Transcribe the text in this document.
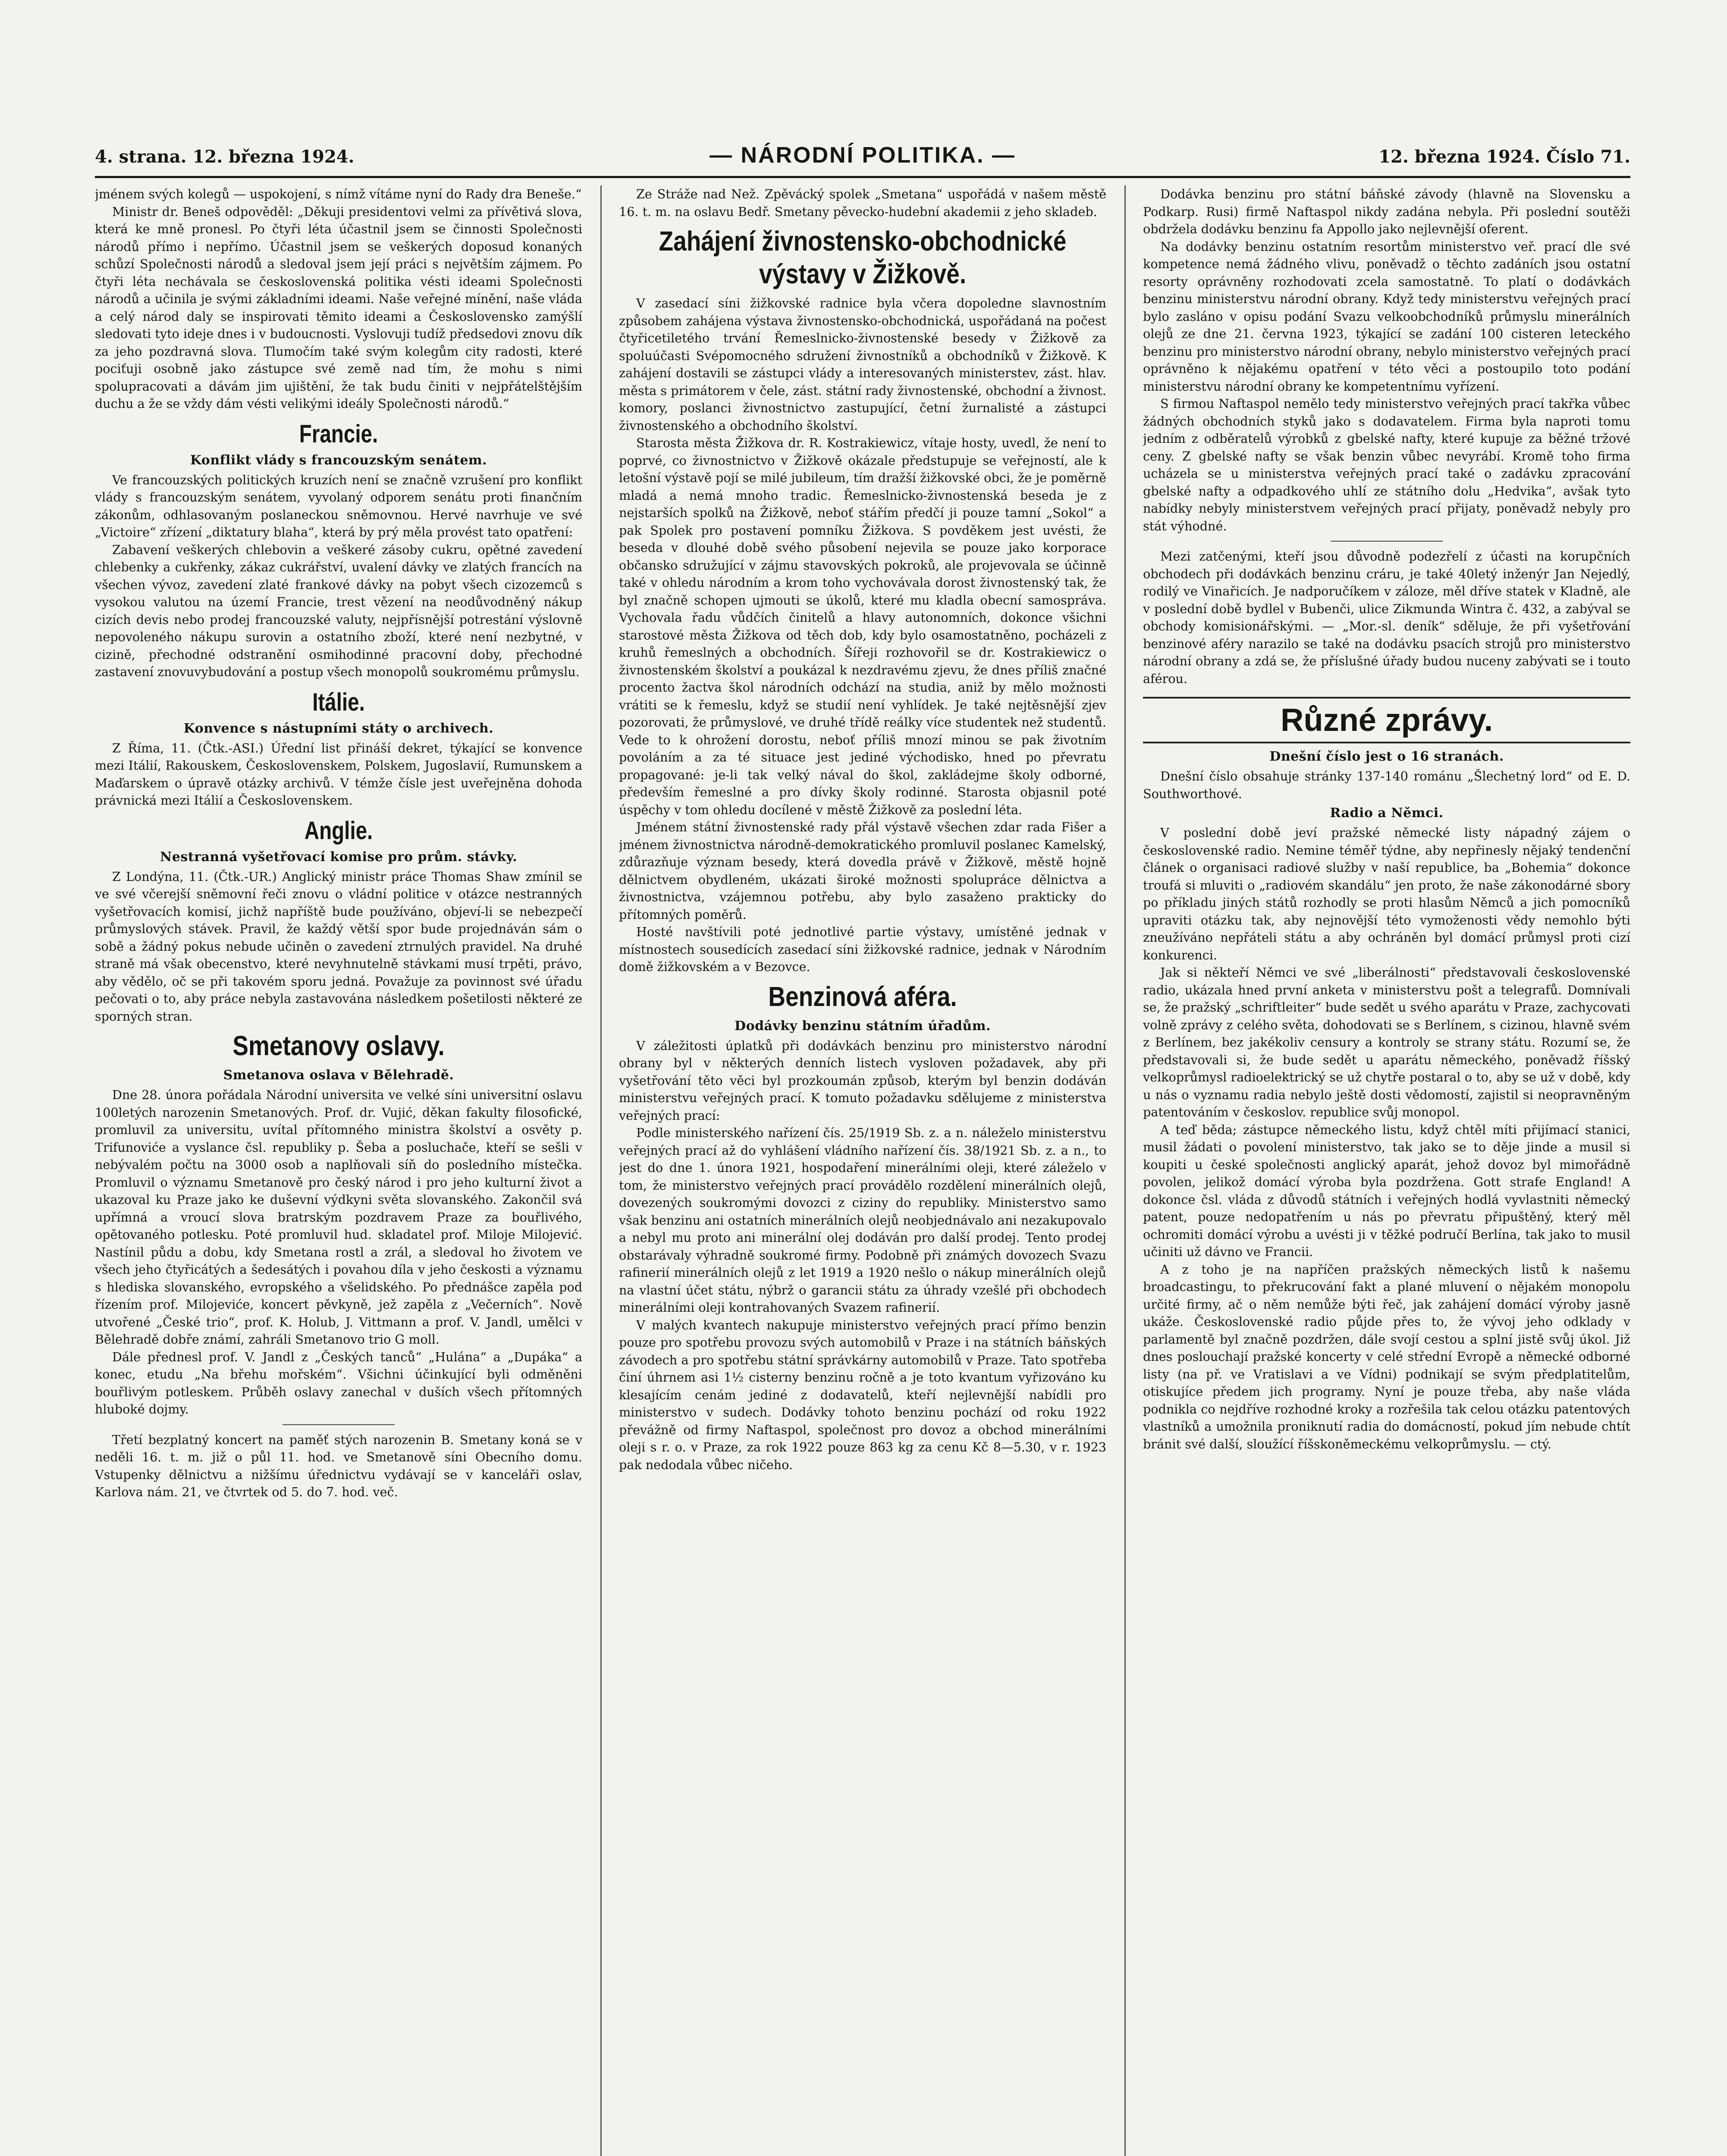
4. strana. 12. března 1924.	— NÁRODNÍ POLITIKA. —	12. března 1924. Číslo 71.

jménem svých kolegů — uspokojení, s nímž vítáme nyní do Rady dra Beneše.“

Ministr dr. Beneš odpověděl: „Děkuji presidentovi velmi za přívětivá slova, která ke mně pronesl. Po čtyři léta účastnil jsem se činnosti Společnosti národů přímo i nepřímo. Účastnil jsem se veškerých doposud konaných schůzí Společnosti národů a sledoval jsem její práci s největším zájmem. Po čtyři léta nechávala se československá politika vésti ideami Společnosti národů a učinila je svými základními ideami. Naše veřejné mínění, naše vláda a celý národ daly se inspirovati těmito ideami a Československo zamýšlí sledovati tyto ideje dnes i v budoucnosti. Vyslovuji tudíž předsedovi znovu dík za jeho pozdravná slova. Tlumočím také svým kolegům city radosti, které pociťuji osobně jako zástupce své země nad tím, že mohu s nimi spolupracovati a dávám jim ujištění, že tak budu činiti v nejpřátelštějším duchu a že se vždy dám vésti velikými ideály Společnosti národů.“

Francie.
Konflikt vlády s francouzským senátem.

Ve francouzských politických kruzích není se značně vzrušení pro konflikt vlády s francouzským senátem, vyvolaný odporem senátu proti finančním zákonům, odhlasovaným poslaneckou sněmovnou. Hervé navrhuje ve své „Victoire“ zřízení „diktatury blaha“, která by prý měla provést tato opatření:

Zabavení veškerých chlebovin a veškeré zásoby cukru, opětné zavedení chlebenky a cukřenky, zákaz cukrářství, uvalení dávky ve zlatých francích na všechen vývoz, zavedení zlaté frankové dávky na pobyt všech cizozemců s vysokou valutou na území Francie, trest vězení na neodůvodněný nákup cizích devis nebo prodej francouzské valuty, nejpřísnější potrestání výslovně nepovoleného nákupu surovin a ostatního zboží, které není nezbytné, v cizině, přechodné odstranění osmihodinné pracovní doby, přechodné zastavení znovuvybudování a postup všech monopolů soukromému průmyslu.

Itálie.
Konvence s nástupními státy o archivech.

Z Říma, 11. (Čtk.-ASI.) Úřední list přináší dekret, týkající se konvence mezi Itálií, Rakouskem, Československem, Polskem, Jugoslavií, Rumunskem a Maďarskem o úpravě otázky archivů. V témže čísle jest uveřejněna dohoda právnická mezi Itálií a Československem.

Anglie.
Nestranná vyšetřovací komise pro prům. stávky.

Z Londýna, 11. (Čtk.-UR.) Anglický ministr práce Thomas Shaw zmínil se ve své včerejší sněmovní řeči znovu o vládní politice v otázce nestranných vyšetřovacích komisí, jichž napříště bude používáno, objeví-li se nebezpečí průmyslových stávek. Pravil, že každý větší spor bude projednáván sám o sobě a žádný pokus nebude učiněn o zavedení ztrnulých pravidel. Na druhé straně má však obecenstvo, které nevyhnutelně stávkami musí trpěti, právo, aby vědělo, oč se při takovém sporu jedná. Považuje za povinnost své úřadu pečovati o to, aby práce nebyla zastavována následkem pošetilosti některé ze sporných stran.

Smetanovy oslavy.
Smetanova oslava v Bělehradě.

Dne 28. února pořádala Národní universita ve velké síni universitní oslavu 100letých narozenin Smetanových. Prof. dr. Vujić, děkan fakulty filosofické, promluvil za universitu, uvítal přítomného ministra školství a osvěty p. Trifunoviće a vyslance čsl. republiky p. Šeba a posluchače, kteří se sešli v nebývalém počtu na 3000 osob a naplňovali síň do posledního místečka. Promluvil o významu Smetanově pro český národ i pro jeho kulturní život a ukazoval ku Praze jako ke duševní výdkyni světa slovanského. Zakončil svá upřímná a vroucí slova bratrským pozdravem Praze za bouřlivého, opětovaného potlesku. Poté promluvil hud. skladatel prof. Miloje Milojević. Nastínil půdu a dobu, kdy Smetana rostl a zrál, a sledoval ho životem ve všech jeho čtyřicátých a šedesátých i povahou díla v jeho českosti a významu s hlediska slovanského, evropského a všelidského. Po přednášce zapěla pod řízením prof. Milojeviće, koncert pěvkyně, jež zapěla z „Večerních“. Nově utvořené „České trio“, prof. K. Holub, J. Vittmann a prof. V. Jandl, umělci v Bělehradě dobře známí, zahráli Smetanovo trio G moll.

Dále přednesl prof. V. Jandl z „Českých tanců“ „Hulána“ a „Dupáka“ a konec, etudu „Na břehu mořském“. Všichni účinkující byli odměněni bouřlivým potleskem. Průběh oslavy zanechal v duších všech přítomných hluboké dojmy.

Třetí bezplatný koncert na paměť stých narozenin B. Smetany koná se v neděli 16. t. m. již o půl 11. hod. ve Smetanově síni Obecního domu. Vstupenky dělnictvu a nižšímu úřednictvu vydávají se v kanceláři oslav, Karlova nám. 21, ve čtvrtek od 5. do 7. hod. več.

Ze Stráže nad Než. Zpěvácký spolek „Smetana“ uspořádá v našem městě 16. t. m. na oslavu Bedř. Smetany pěvecko-hudební akademii z jeho skladeb.

Zahájení živnostensko-obchodnické výstavy v Žižkově.

V zasedací síni žižkovské radnice byla včera dopoledne slavnostním způsobem zahájena výstava živnostensko-obchodnická, uspořádaná na počest čtyřicetiletého trvání Řemeslnicko-živnostenské besedy v Žižkově za spoluúčasti Svépomocného sdružení živnostníků a obchodníků v Žižkově. K zahájení dostavili se zástupci vlády a interesovaných ministerstev, zást. hlav. města s primátorem v čele, zást. státní rady živnostenské, obchodní a živnost. komory, poslanci živnostnictvo zastupující, četní žurnalisté a zástupci živnostenského a obchodního školství.

Starosta města Žižkova dr. R. Kostrakiewicz, vítaje hosty, uvedl, že není to poprvé, co živnostnictvo v Žižkově okázale předstupuje se veřejností, ale k letošní výstavě pojí se milé jubileum, tím dražší žižkovské obci, že je poměrně mladá a nemá mnoho tradic. Řemeslnicko-živnostenská beseda je z nejstarších spolků na Žižkově, neboť stářím předčí ji pouze tamní „Sokol“ a pak Spolek pro postavení pomníku Žižkova. S povděkem jest uvésti, že beseda v dlouhé době svého působení nejevila se pouze jako korporace občansko sdružující v zájmu stavovských pokroků, ale projevovala se účinně také v ohledu národním a krom toho vychovávala dorost živnostenský tak, že byl značně schopen ujmouti se úkolů, které mu kladla obecní samospráva. Vychovala řadu vůdčích činitelů a hlavy autonomních, dokonce všichni starostové města Žižkova od těch dob, kdy bylo osamostatněno, pocházeli z kruhů řemeslných a obchodních. Šířeji rozhovořil se dr. Kostrakiewicz o živnostenském školství a poukázal k nezdravému zjevu, že dnes příliš značné procento žactva škol národních odchází na studia, aniž by mělo možnosti vrátiti se k řemeslu, když se studií není vyhlídek. Je také nejtěsnější zjev pozorovati, že průmyslové, ve druhé třídě reálky více studentek než studentů. Vede to k ohrožení dorostu, neboť příliš mnozí minou se pak životním povoláním a za té situace jest jediné východisko, hned po převratu propagované: je-li tak velký nával do škol, zakládejme školy odborné, především řemeslné a pro dívky školy rodinné. Starosta objasnil poté úspěchy v tom ohledu docílené v městě Žižkově za poslední léta.

Jménem státní živnostenské rady přál výstavě všechen zdar rada Fišer a jménem živnostnictva národně-demokratického promluvil poslanec Kamelský, zdůrazňuje význam besedy, která dovedla právě v Žižkově, městě hojně dělnictvem obydleném, ukázati široké možnosti spolupráce dělnictva a živnostnictva, vzájemnou potřebu, aby bylo zasaženo prakticky do přítomných poměrů.

Hosté navštívili poté jednotlivé partie výstavy, umístěné jednak v místnostech sousedících zasedací síni žižkovské radnice, jednak v Národním domě žižkovském a v Bezovce.

Benzinová aféra.
Dodávky benzinu státním úřadům.

V záležitosti úplatků při dodávkách benzinu pro ministerstvo národní obrany byl v některých denních listech vysloven požadavek, aby při vyšetřování těto věci byl prozkoumán způsob, kterým byl benzin dodáván ministerstvu veřejných prací. K tomuto požadavku sdělujeme z ministerstva veřejných prací:

Podle ministerského nařízení čís. 25/1919 Sb. z. a n. náleželo ministerstvu veřejných prací až do vyhlášení vládního nařízení čís. 38/1921 Sb. z. a n., to jest do dne 1. února 1921, hospodaření minerálními oleji, které záleželo v tom, že ministerstvo veřejných prací provádělo rozdělení minerálních olejů, dovezených soukromými dovozci z ciziny do republiky. Ministerstvo samo však benzinu ani ostatních minerálních olejů neobjednávalo ani nezakupovalo a nebyl mu proto ani minerální olej dodáván pro další prodej. Tento prodej obstarávaly výhradně soukromé firmy. Podobně při známých dovozech Svazu rafinerií minerálních olejů z let 1919 a 1920 nešlo o nákup minerálních olejů na vlastní účet státu, nýbrž o garancii státu za úhrady vzešlé při obchodech minerálními oleji kontrahovaných Svazem rafinerií.

V malých kvantech nakupuje ministerstvo veřejných prací přímo benzin pouze pro spotřebu provozu svých automobilů v Praze i na státních báňských závodech a pro spotřebu státní správkárny automobilů v Praze. Tato spotřeba činí úhrnem asi 1½ cisterny benzinu ročně a je toto kvantum vyřizováno ku klesajícím cenám jediné z dodavatelů, kteří nejlevnější nabídli pro ministerstvo v sudech. Dodávky tohoto benzinu pochází od roku 1922 převážně od firmy Naftaspol, společnost pro dovoz a obchod minerálními oleji s r. o. v Praze, za rok 1922 pouze 863 kg za cenu Kč 8—5.30, v r. 1923 pak nedodala vůbec ničeho.

Dodávka benzinu pro státní báňské závody (hlavně na Slovensku a Podkarp. Rusi) firmě Naftaspol nikdy zadána nebyla. Při poslední soutěži obdržela dodávku benzinu fa Appollo jako nejlevnější oferent.

Na dodávky benzinu ostatním resortům ministerstvo veř. prací dle své kompetence nemá žádného vlivu, poněvadž o těchto zadáních jsou ostatní resorty oprávněny rozhodovati zcela samostatně. To platí o dodávkách benzinu ministerstvu národní obrany. Když tedy ministerstvu veřejných prací bylo zasláno v opisu podání Svazu velkoobchodníků průmyslu minerálních olejů ze dne 21. června 1923, týkající se zadání 100 cisteren leteckého benzinu pro ministerstvo národní obrany, nebylo ministerstvo veřejných prací oprávněno k nějakému opatření v této věci a postoupilo toto podání ministerstvu národní obrany ke kompetentnímu vyřízení.

S firmou Naftaspol nemělo tedy ministerstvo veřejných prací takřka vůbec žádných obchodních styků jako s dodavatelem. Firma byla naproti tomu jedním z odběratelů výrobků z gbelské nafty, které kupuje za běžné tržové ceny. Z gbelské nafty se však benzin vůbec nevyrábí. Kromě toho firma ucházela se u ministerstva veřejných prací také o zadávku zpracování gbelské nafty a odpadkového uhlí ze státního dolu „Hedvika“, avšak tyto nabídky nebyly ministerstvem veřejných prací přijaty, poněvadž nebyly pro stát výhodné.

Mezi zatčenými, kteří jsou důvodně podezřelí z účasti na korupčních obchodech při dodávkách benzinu cráru, je také 40letý inženýr Jan Nejedlý, rodilý ve Vinařicích. Je nadporučíkem v záloze, měl dříve statek v Kladně, ale v poslední době bydlel v Bubenči, ulice Zikmunda Wintra č. 432, a zabýval se obchody komisionářskými. — „Mor.-sl. deník“ sděluje, že při vyšetřování benzinové aféry narazilo se také na dodávku psacích strojů pro ministerstvo národní obrany a zdá se, že příslušné úřady budou nuceny zabývati se i touto aférou.

Různé zprávy.
Dnešní číslo jest o 16 stranách.

Dnešní číslo obsahuje stránky 137-140 románu „Šlechetný lord“ od E. D. Southworthové.

Radio a Němci.

V poslední době jeví pražské německé listy nápadný zájem o československé radio. Nemine téměř týdne, aby nepřinesly nějaký tendenční článek o organisaci radiové služby v naší republice, ba „Bohemia“ dokonce troufá si mluviti o „radiovém skandálu“ jen proto, že naše zákonodárné sbory po příkladu jiných států rozhodly se proti hlasům Němců a jich pomocníků upraviti otázku tak, aby nejnovější této vymoženosti vědy nemohlo býti zneužíváno nepřáteli státu a aby ochráněn byl domácí průmysl proti cizí konkurenci.

Jak si někteří Němci ve své „liberálnosti“ představovali československé radio, ukázala hned první anketa v ministerstvu pošt a telegrafů. Domnívali se, že pražský „schriftleiter“ bude sedět u svého aparátu v Praze, zachycovati volně zprávy z celého světa, dohodovati se s Berlínem, s cizinou, hlavně svém z Berlínem, bez jakékoliv censury a kontroly se strany státu. Rozumí se, že představovali si, že bude sedět u aparátu německého, poněvadž říšský velkoprůmysl radioelektrický se už chytře postaral o to, aby se už v době, kdy u nás o vyznamu radia nebylo ještě dosti vědomostí, zajistil si neopravněným patentováním v českoslov. republice svůj monopol.

A teď běda; zástupce německého listu, když chtěl míti přijímací stanici, musil žádati o povolení ministerstvo, tak jako se to děje jinde a musil si koupiti u české společnosti anglický aparát, jehož dovoz byl mimořádně povolen, jelikož domácí výroba byla pozdržena. Gott strafe England! A dokonce čsl. vláda z důvodů státních i veřejných hodlá vyvlastniti německý patent, pouze nedopatřením u nás po převratu připuštěný, který měl ochromiti domácí výrobu a uvésti ji v těžké područí Berlína, tak jako to musil učiniti už dávno ve Francii.

A z toho je na napříčen pražských německých listů k našemu broadcastingu, to překrucování fakt a plané mluvení o nějakém monopolu určité firmy, ač o něm nemůže býti řeč, jak zahájení domácí výroby jasně ukáže. Československé radio půjde přes to, že vývoj jeho odklady v parlamentě byl značně pozdržen, dále svojí cestou a splní jistě svůj úkol. Již dnes poslouchají pražské koncerty v celé střední Evropě a německé odborné listy (na př. ve Vratislavi a ve Vídni) podnikají se svým předplatitelům, otiskujíce předem jich programy. Nyní je pouze třeba, aby naše vláda podnikla co nejdříve rozhodné kroky a rozřešila tak celou otázku patentových vlastníků a umožnila proniknutí radia do domácností, pokud jím nebude chtít bránit své další, sloužící říšskoněmeckému velkoprůmyslu. — ctý.
